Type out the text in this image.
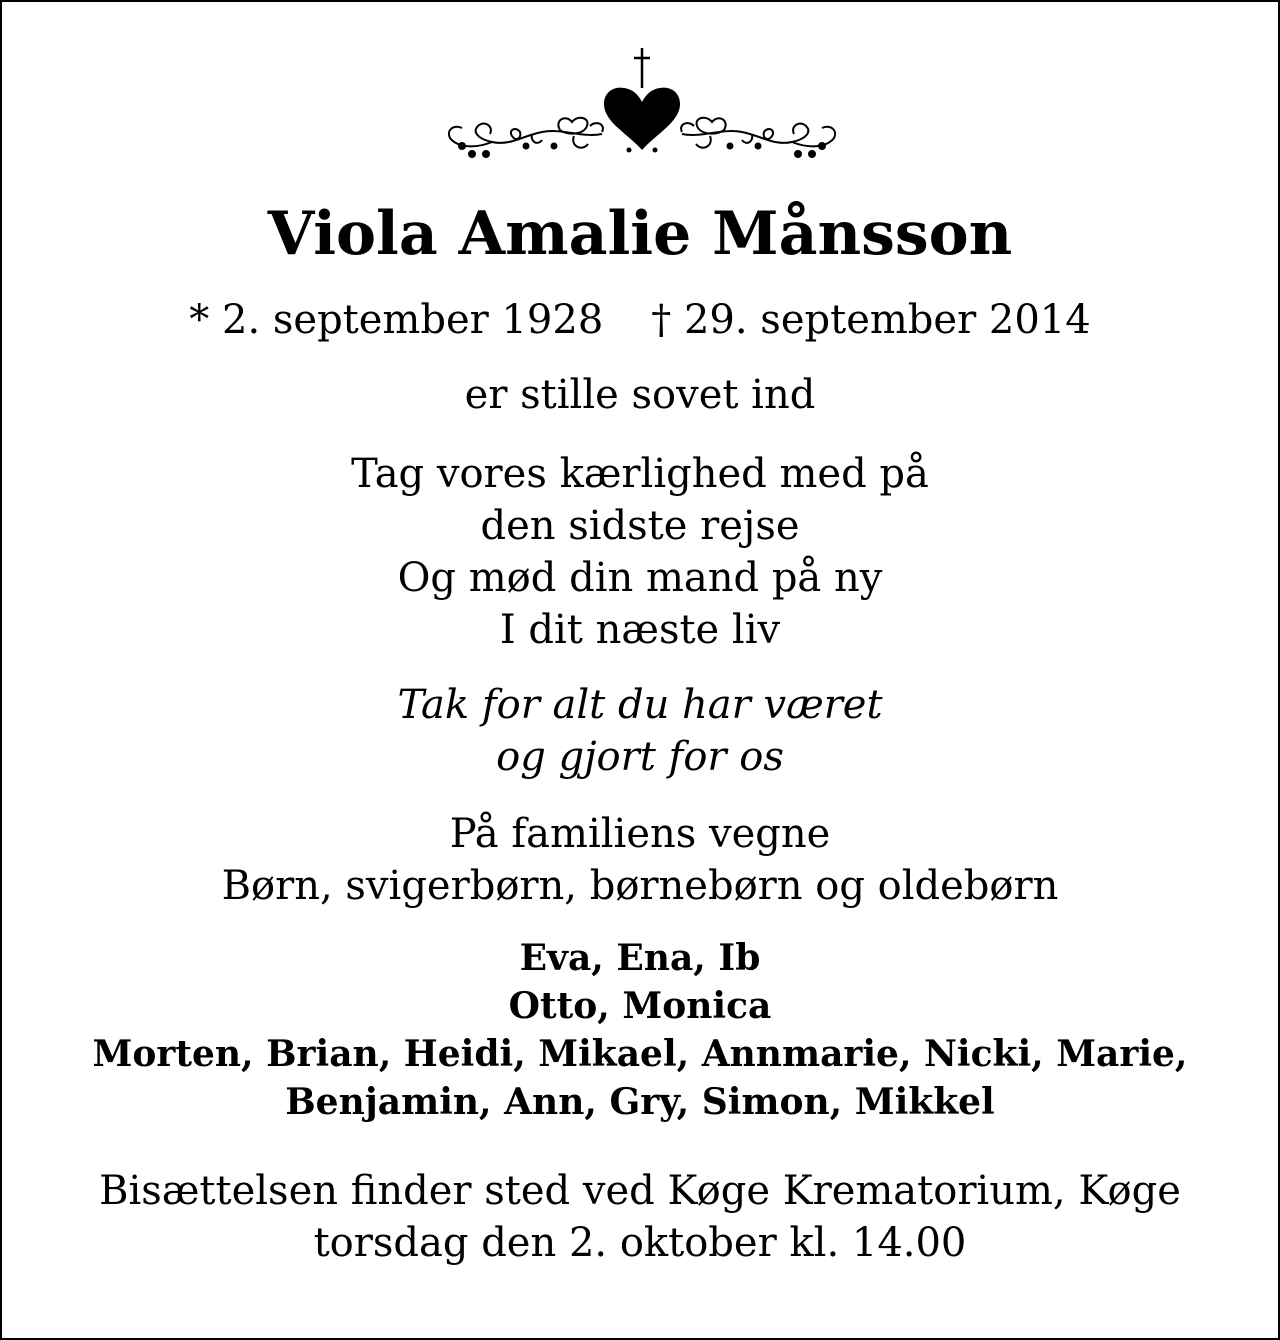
Viola Amalie Månsson
* 2. september 1928 † 29. september 2014
er stille sovet ind
Tag vores kærlighed med på
den sidste rejse
Og mød din mand på ny
I dit næste liv
Tak for alt du har været
og gjort for os
På familiens vegne
Børn, svigerbørn, børnebørn og oldebørn
Eva, Ena, Ib
Otto, Monica
Morten, Brian, Heidi, Mikael, Annmarie, Nicki, Marie,
Benjamin, Ann, Gry, Simon, Mikkel
Bisættelsen finder sted ved Køge Krematorium, Køge
torsdag den 2. oktober kl. 14.00
